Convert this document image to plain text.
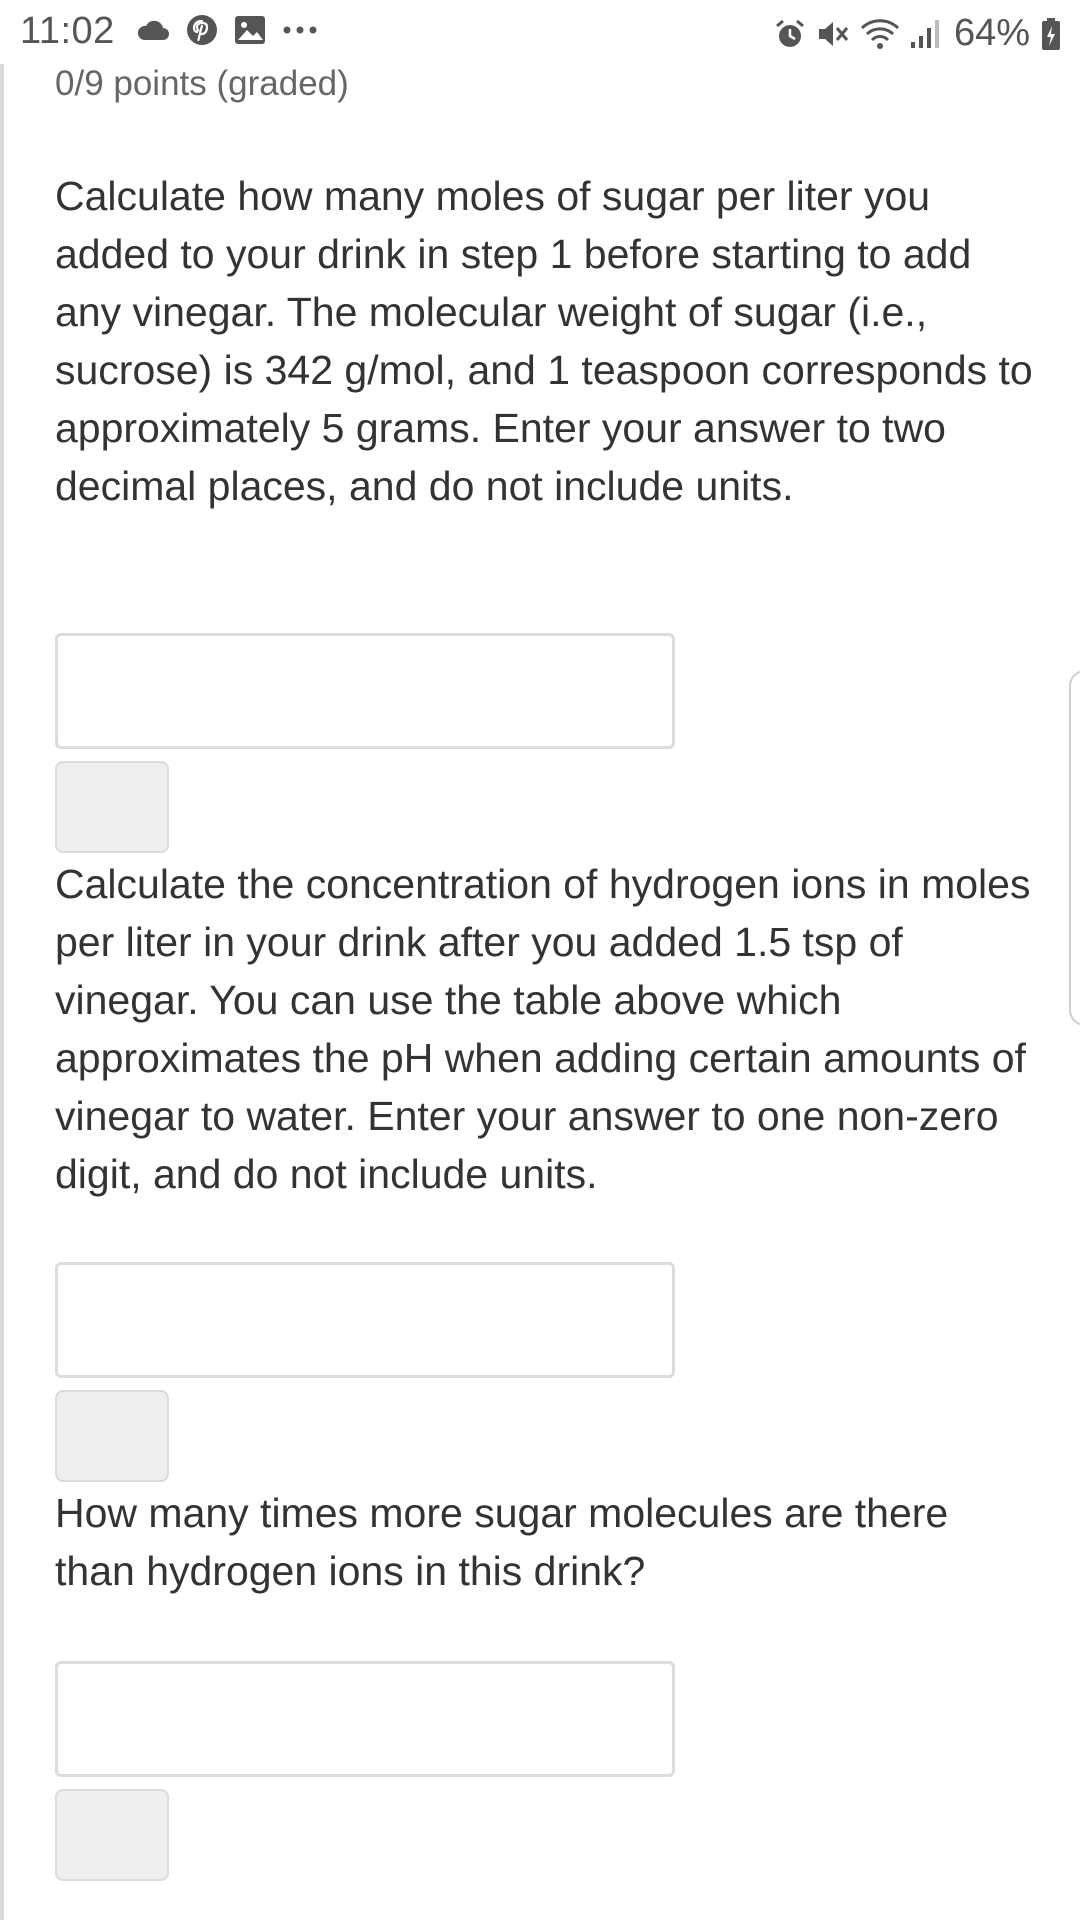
11:02	64%
0/9 points (graded)
Calculate how many moles of sugar per liter you added to your drink in step 1 before starting to add any vinegar. The molecular weight of sugar (i.e., sucrose) is 342 g/mol, and 1 teaspoon corresponds to approximately 5 grams. Enter your answer to two decimal places, and do not include units.
Calculate the concentration of hydrogen ions in moles per liter in your drink after you added 1.5 tsp of vinegar. You can use the table above which approximates the pH when adding certain amounts of vinegar to water. Enter your answer to one non-zero digit, and do not include units.
How many times more sugar molecules are there than hydrogen ions in this drink?
